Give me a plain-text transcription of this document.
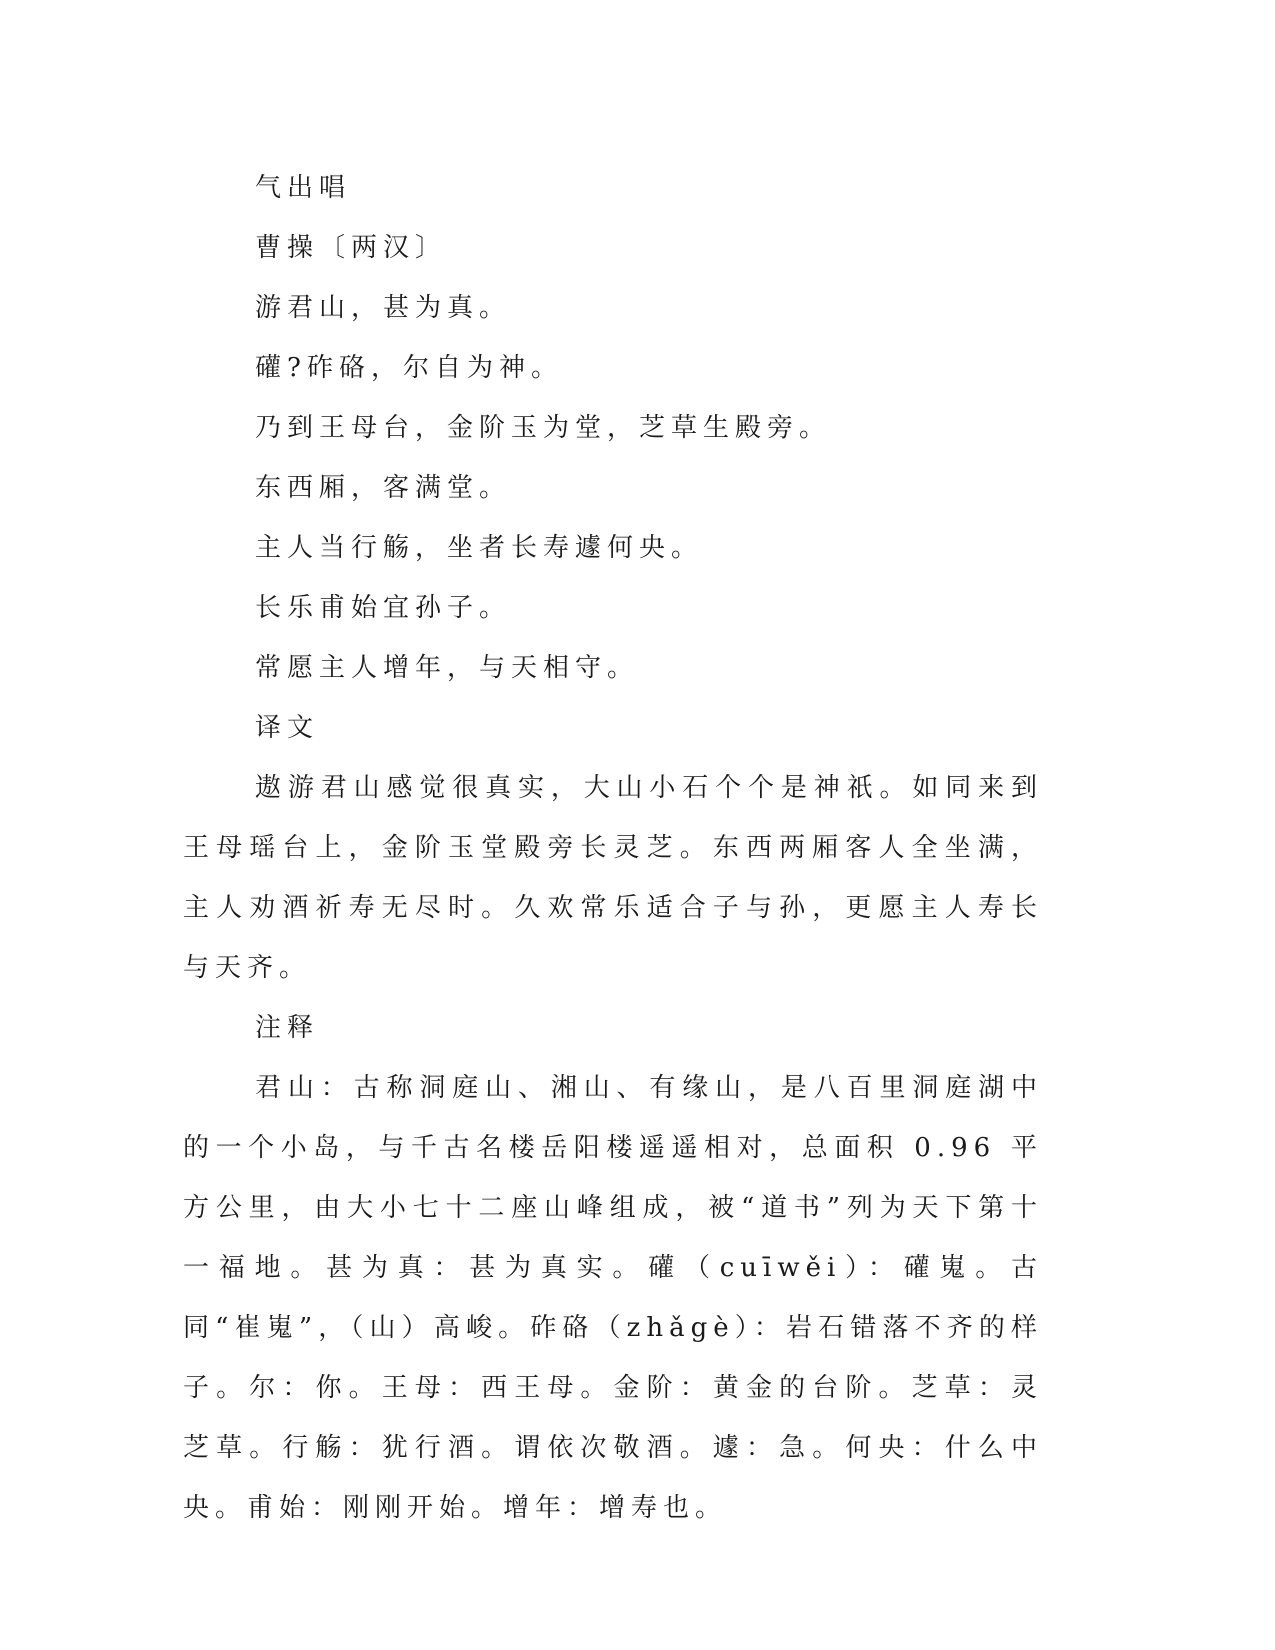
气出唱
曹操〔两汉〕
游君山，甚为真。
礶?砟硌，尔自为神。
乃到王母台，金阶玉为堂，芝草生殿旁。
东西厢，客满堂。
主人当行觞，坐者长寿遽何央。
长乐甫始宜孙子。
常愿主人增年，与天相守。
译文

遨游君山感觉很真实，大山小石个个是神祇。如同来到王母瑶台上，金阶玉堂殿旁长灵芝。东西两厢客人全坐满，主人劝酒祈寿无尽时。久欢常乐适合子与孙，更愿主人寿长与天齐。

注释

君山：古称洞庭山、湘山、有缘山，是八百里洞庭湖中的一个小岛，与千古名楼岳阳楼遥遥相对，总面积 0.96 平方公里，由大小七十二座山峰组成，被“道书”列为天下第十一福地。甚为真：甚为真实。礶（cuīwěi）：礶嵬。古同“崔嵬”，（山）高峻。砟硌（zhǎgè）：岩石错落不齐的样子。尔：你。王母：西王母。金阶：黄金的台阶。芝草：灵芝草。行觞：犹行酒。谓依次敬酒。遽：急。何央：什么中央。甫始：刚刚开始。增年：增寿也。
